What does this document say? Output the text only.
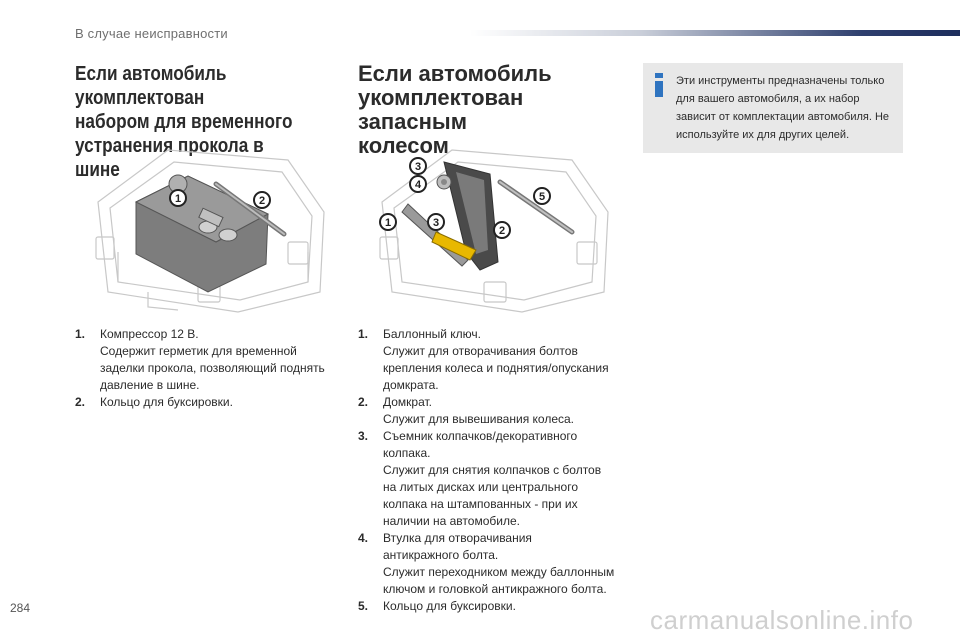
В случае неисправности
Если автомобиль укомплектован
набором для временного
устранения прокола в шине
Если автомобиль
укомплектован запасным
колесом
Эти инструменты предназначены только
для вашего автомобиля, а их набор
зависит от комплектации автомобиля. Не
используйте их для других целей.
1	2
3
4
1	3
2
5
1. Компрессор 12 В.
Содержит герметик для временной
заделки прокола, позволяющий поднять
давление в шине.
2. Кольцо для буксировки.
1. Баллонный ключ.
Служит для отворачивания болтов
крепления колеса и поднятия/опускания
домкрата.
2. Домкрат.
Служит для вывешивания колеса.
3. Съемник колпачков/декоративного
колпака.
Служит для снятия колпачков с болтов
на литых дисках или центрального
колпака на штампованных - при их
наличии на автомобиле.
4. Втулка для отворачивания
антикражного болта.
Служит переходником между баллонным
ключом и головкой антикражного болта.
5. Кольцо для буксировки.
284	carmanualsonline.info
